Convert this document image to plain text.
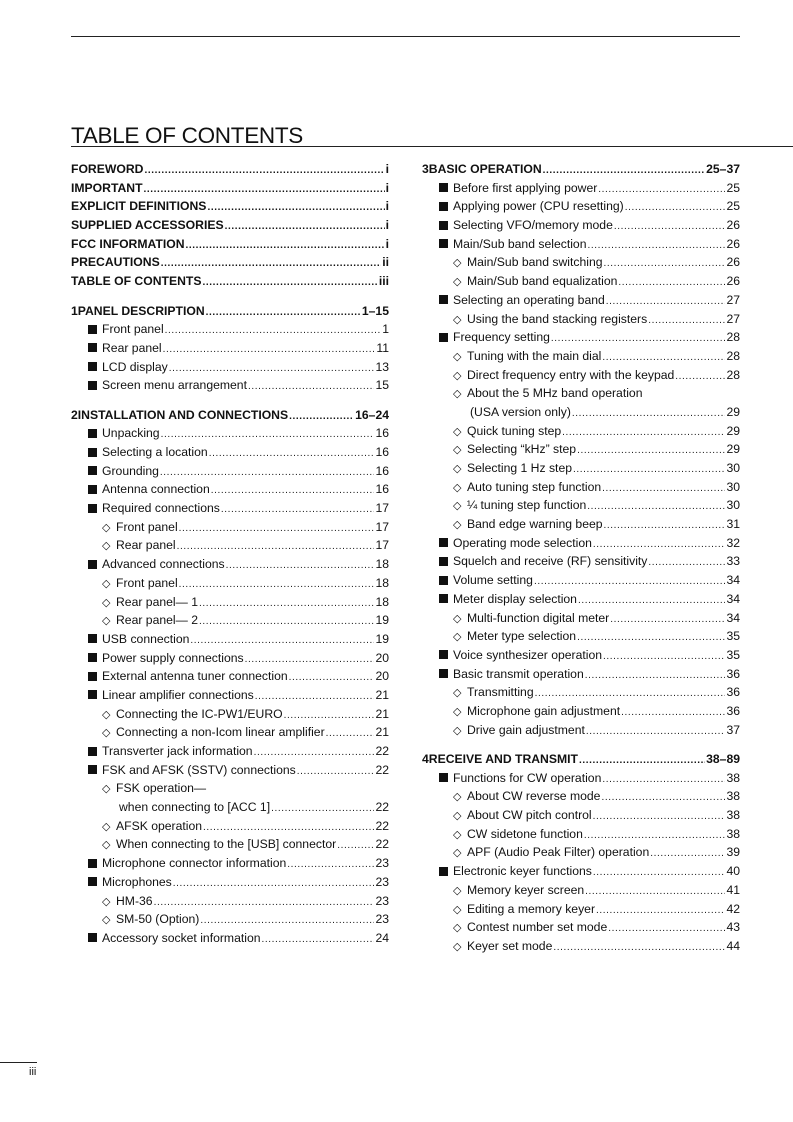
TABLE OF CONTENTS
FOREWORD .....	i
IMPORTANT .....	i
EXPLICIT DEFINITIONS .....	i
SUPPLIED ACCESSORIES .....	i
FCC INFORMATION .....	i
PRECAUTIONS .....	ii
TABLE OF CONTENTS .....	iii
1 PANEL DESCRIPTION .....	1–15
Front panel .....	1
Rear panel .....	11
LCD display .....	13
Screen menu arrangement .....	15
2 INSTALLATION AND CONNECTIONS .....	16–24
Unpacking .....	16
Selecting a location .....	16
Grounding .....	16
Antenna connection .....	16
Required connections .....	17
◇ Front panel .....	17
◇ Rear panel .....	17
Advanced connections .....	18
◇ Front panel .....	18
◇ Rear panel— 1 .....	18
◇ Rear panel— 2 .....	19
USB connection .....	19
Power supply connections .....	20
External antenna tuner connection .....	20
Linear amplifier connections .....	21
◇ Connecting the IC-PW1/EURO .....	21
◇ Connecting a non-Icom linear amplifier .....	21
Transverter jack information .....	22
FSK and AFSK (SSTV) connections .....	22
◇ FSK operation—
when connecting to [ACC 1] .....	22
◇ AFSK operation .....	22
◇ When connecting to the [USB] connector .....	22
Microphone connector information .....	23
Microphones .....	23
◇ HM-36 .....	23
◇ SM-50 (Option) .....	23
Accessory socket information .....	24
3 BASIC OPERATION .....	25–37
Before first applying power .....	25
Applying power (CPU resetting) .....	25
Selecting VFO/memory mode .....	26
Main/Sub band selection .....	26
◇ Main/Sub band switching .....	26
◇ Main/Sub band equalization .....	26
Selecting an operating band .....	27
◇ Using the band stacking registers .....	27
Frequency setting .....	28
◇ Tuning with the main dial .....	28
◇ Direct frequency entry with the keypad .....	28
◇ About the 5 MHz band operation
(USA version only) .....	29
◇ Quick tuning step .....	29
◇ Selecting “kHz” step .....	29
◇ Selecting 1 Hz step .....	30
◇ Auto tuning step function .....	30
◇ ¼ tuning step function .....	30
◇ Band edge warning beep .....	31
Operating mode selection .....	32
Squelch and receive (RF) sensitivity .....	33
Volume setting .....	34
Meter display selection .....	34
◇ Multi-function digital meter .....	34
◇ Meter type selection .....	35
Voice synthesizer operation .....	35
Basic transmit operation .....	36
◇ Transmitting .....	36
◇ Microphone gain adjustment .....	36
◇ Drive gain adjustment .....	37
4 RECEIVE AND TRANSMIT .....	38–89
Functions for CW operation .....	38
◇ About CW reverse mode .....	38
◇ About CW pitch control .....	38
◇ CW sidetone function .....	38
◇ APF (Audio Peak Filter) operation .....	39
Electronic keyer functions .....	40
◇ Memory keyer screen .....	41
◇ Editing a memory keyer .....	42
◇ Contest number set mode .....	43
◇ Keyer set mode .....	44
iii
